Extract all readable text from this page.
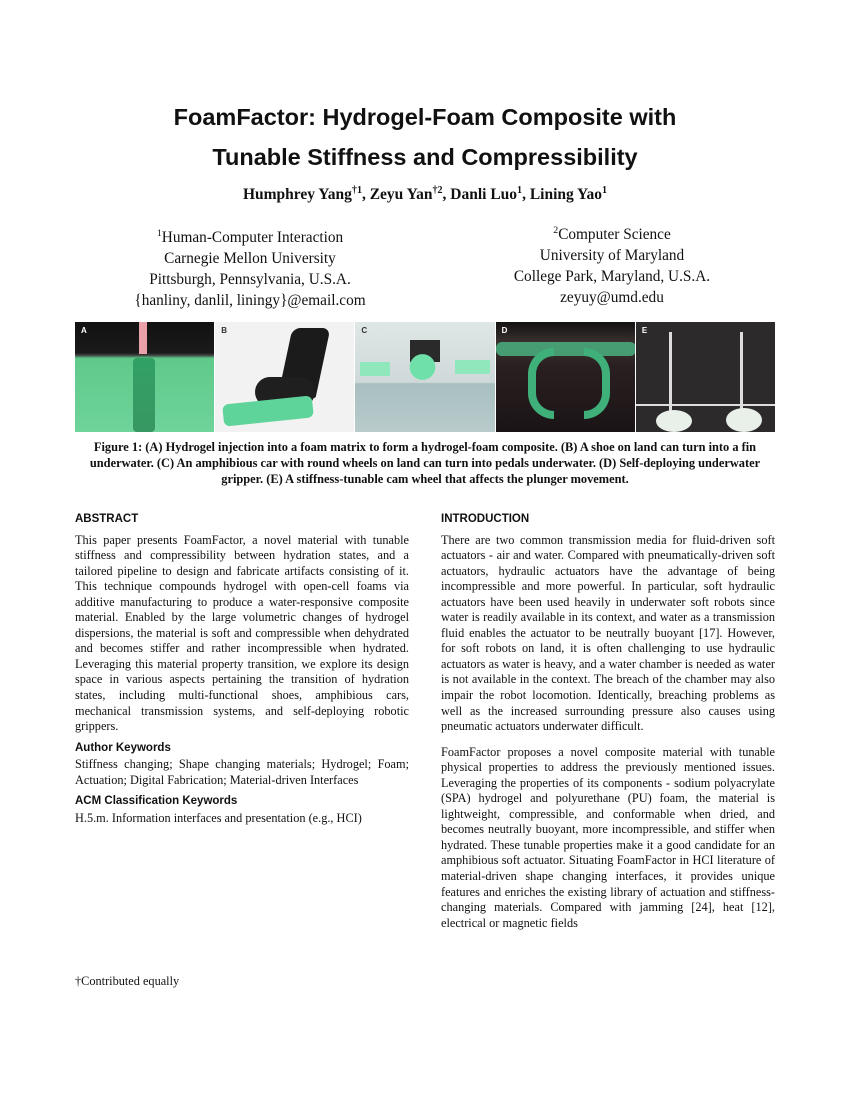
FoamFactor: Hydrogel-Foam Composite with
Tunable Stiffness and Compressibility
Humphrey Yang$^{\dagger 1}$, Zeyu Yan$^{\dagger 2}$, Danli Luo$^1$, Lining Yao$^1$
$^1$Human-Computer Interaction
Carnegie Mellon University
Pittsburgh, Pennsylvania, U.S.A.
{hanliny, danlil, liningy}@email.com
$^2$Computer Science
University of Maryland
College Park, Maryland, U.S.A.
zeyuy@umd.edu
A	B	C	D	E
Figure 1: (A) Hydrogel injection into a foam matrix to form a hydrogel-foam composite. (B) A shoe on land can turn into a fin underwater. (C) An amphibious car with round wheels on land can turn into pedals underwater. (D) Self-deploying underwater gripper. (E) A stiffness-tunable cam wheel that affects the plunger movement.
ABSTRACT

This paper presents FoamFactor, a novel material with tunable stiffness and compressibility between hydration states, and a tailored pipeline to design and fabricate artifacts consisting of it. This technique compounds hydrogel with open-cell foams via additive manufacturing to produce a water-responsive composite material. Enabled by the large volumetric changes of hydrogel dispersions, the material is soft and compressible when dehydrated and becomes stiffer and rather incompressible when hydrated. Leveraging this material property transition, we explore its design space in various aspects pertaining the transition of hydration states, including multi-functional shoes, amphibious cars, mechanical transmission systems, and self-deploying robotic grippers.

Author Keywords

Stiffness changing; Shape changing materials; Hydrogel; Foam; Actuation; Digital Fabrication; Material-driven Interfaces

ACM Classification Keywords

H.5.m. Information interfaces and presentation (e.g., HCI)

†Contributed equally
INTRODUCTION

There are two common transmission media for fluid-driven soft actuators - air and water. Compared with pneumatically-driven soft actuators, hydraulic actuators have the advantage of being incompressible and more powerful. In particular, soft hydraulic actuators have been used heavily in underwater soft robots since water is readily available in its context, and water as a transmission fluid enables the actuator to be neutrally buoyant [17]. However, for soft robots on land, it is often challenging to use hydraulic actuators as water is heavy, and a water chamber is needed as water is not available in the context. The breach of the chamber may also impair the robot locomotion. Identically, breaching problems as well as the increased surrounding pressure also causes using pneumatic actuators underwater difficult.

FoamFactor proposes a novel composite material with tunable physical properties to address the previously mentioned issues. Leveraging the properties of its components - sodium polyacrylate (SPA) hydrogel and polyurethane (PU) foam, the material is lightweight, compressible, and conformable when dried, and becomes neutrally buoyant, more incompressible, and stiffer when hydrated. These tunable properties make it a good candidate for an amphibious soft actuator. Situating FoamFactor in HCI literature of material-driven shape changing interfaces, it provides unique features and enriches the existing library of actuation and stiffness-changing materials. Compared with jamming [24], heat [12], electrical or magnetic fields
